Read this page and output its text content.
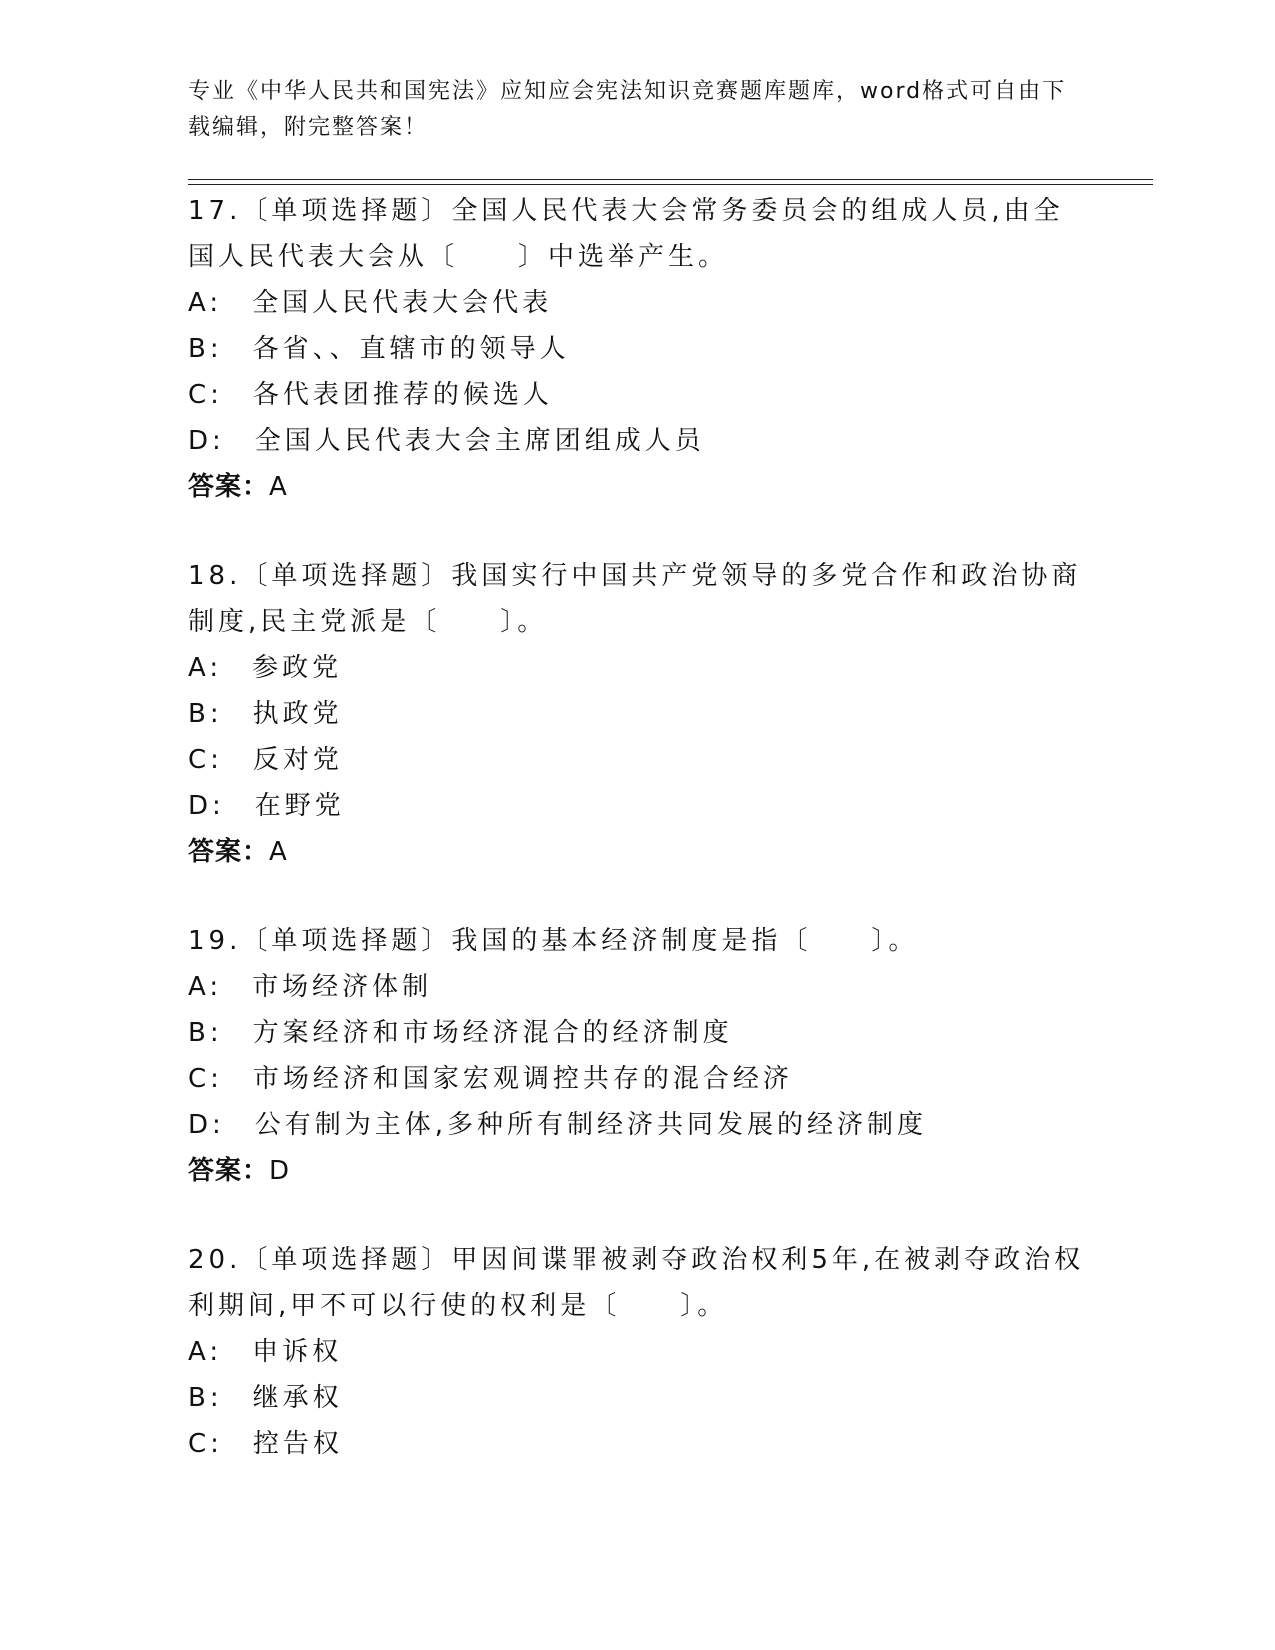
专业《中华人民共和国宪法》应知应会宪法知识竞赛题库题库，word格式可自由下载编辑，附完整答案！

17.〔单项选择题〕全国人民代表大会常务委员会的组成人员,由全国人民代表大会从〔　　〕中选举产生。

A:　全国人民代表大会代表

B:　各省、、直辖市的领导人

C:　各代表团推荐的候选人

D:　全国人民代表大会主席团组成人员

答案：A

18.〔单项选择题〕我国实行中国共产党领导的多党合作和政治协商制度,民主党派是〔　　〕。

A:　参政党

B:　执政党

C:　反对党

D:　在野党

答案：A

19.〔单项选择题〕我国的基本经济制度是指〔　　〕。

A:　市场经济体制

B:　方案经济和市场经济混合的经济制度

C:　市场经济和国家宏观调控共存的混合经济

D:　公有制为主体,多种所有制经济共同发展的经济制度

答案：D

20.〔单项选择题〕甲因间谍罪被剥夺政治权利5年,在被剥夺政治权利期间,甲不可以行使的权利是〔　　〕。

A:　申诉权

B:　继承权

C:　控告权
